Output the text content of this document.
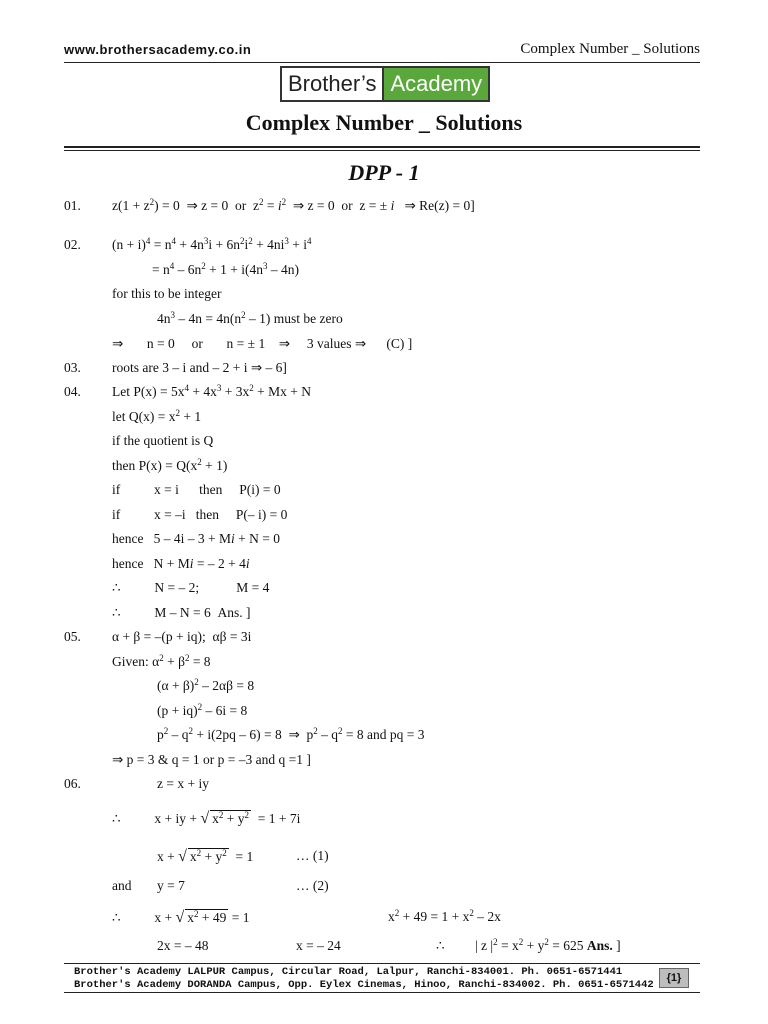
www.brothersacademy.co.in	Complex Number _ Solutions
Brother’s Academy
Complex Number _ Solutions
DPP - 1
01. $z(1 + z^2) = 0$  ⇒ z = 0  or  $z^2 = i^2$  ⇒ z = 0  or  z = ± i   ⇒ Re(z) = 0]
02. $(n + i)^4 = n^4 + 4n^3i + 6n^2i^2 + 4ni^3 + i^4$
= $n^4 - 6n^2 + 1 + i(4n^3 - 4n)$
for this to be integer
$4n^3 - 4n = 4n(n^2 - 1)$ must be zero
⇒       n = 0     or       n = ± 1    ⇒     3 values ⇒      (C) ]
03. roots are 3 – i and – 2 + i ⇒ – 6]
04. Let $P(x) = 5x^4 + 4x^3 + 3x^2 + Mx + N$
let $Q(x) = x^2 + 1$
if the quotient is Q
then $P(x) = Q(x^2 + 1)$
if          x = i      then     P(i) = 0
if          x = –i   then     P(– i) = 0
hence   5 – 4i – 3 + Mi + N = 0
hence   N + Mi = – 2 + 4i
∴          N = – 2;           M = 4
∴          M – N = 6  Ans. ]
05. α + β = –(p + iq);  αβ = 3i
Given: $\alpha^2 + \beta^2 = 8$
$(\alpha + \beta)^2 - 2\alpha\beta = 8$
(p + iq)$^2$ – 6i = 8
$p^2 - q^2 + i(2pq - 6) = 8$  ⇒  $p^2 - q^2 = 8$ and pq = 3
⇒ p = 3 & q = 1 or p = –3 and q =1 ]
06.	z = x + iy
∴          x + iy + √ $x^2 + y^2 = 1 + 7i$
x + √ $x^2 + y^2 = 1$	… (1)
and y = 7	… (2)
∴          x + √ $x^2 + 49 = 1$	$x^2 + 49 = 1 + x^2 - 2x$
2x = – 48	x = – 24	∴         | z $|^2 = x^2 + y^2 = 625$ Ans. ]
Brother's Academy LALPUR Campus, Circular Road, Lalpur, Ranchi-834001. Ph. 0651-6571441
Brother's Academy DORANDA Campus, Opp. Eylex Cinemas, Hinoo, Ranchi-834002. Ph. 0651-6571442
{1}
